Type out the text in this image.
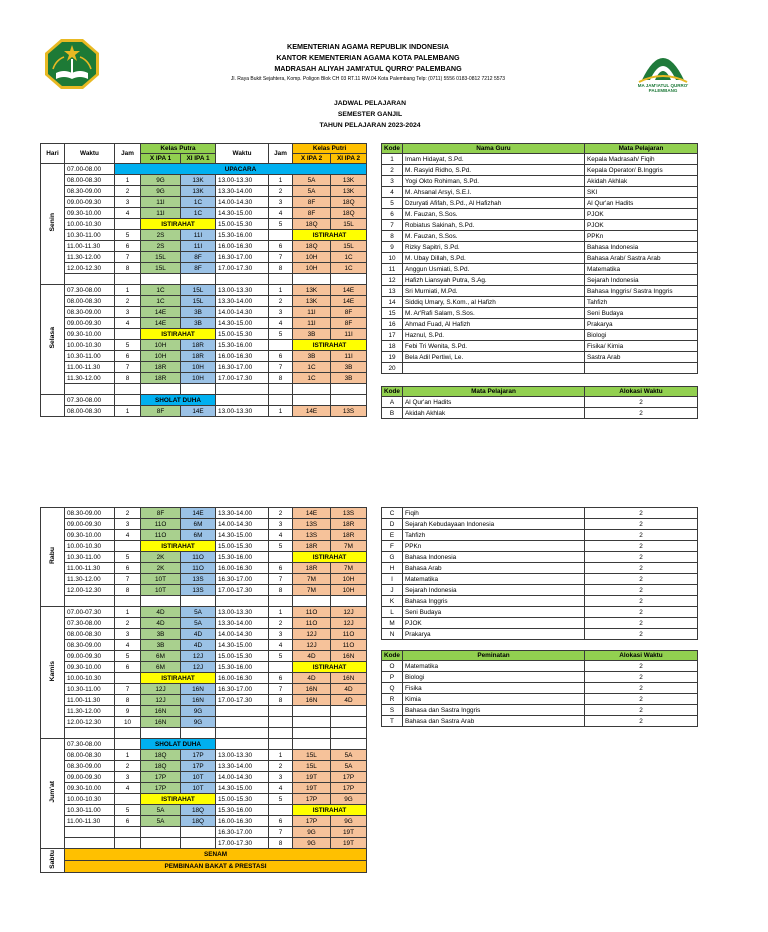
KEMENTERIAN AGAMA REPUBLIK INDONESIA
KANTOR KEMENTERIAN AGAMA KOTA PALEMBANG
MADRASAH ALIYAH JAMI'ATUL QURRO' PALEMBANG
Jl. Raya Bukit Sejahtera, Komp. Poligon Blok CH 03 RT.11 RW.04 Kota Palembang Telp: (0711) 5556 0183-0812 7212 5573
MA JAM'IATUL QURRO'
PALEMBANG
JADWAL PELAJARAN
SEMESTER GANJIL
TAHUN PELAJARAN 2023-2024
Hari	Waktu	Jam	Kelas Putra		Waktu	Jam	Kelas Putri	
			X IPA 1	XI IPA 1			X IPA 2	XI IPA 2
Senin	07.00-08.00	UPACARA						
	08.00-08.30	1	9G	13K	13.00-13.30	1	5A	13K
	08.30-09.00	2	9G	13K	13.30-14.00	2	5A	13K
	09.00-09.30	3	11I	1C	14.00-14.30	3	8F	18Q
	09.30-10.00	4	11I	1C	14.30-15.00	4	8F	18Q
	10.00-10.30		ISTIRAHAT		15.00-15.30	5	18Q	15L
	10.30-11.00	5	2S	11I	15.30-16.00		ISTIRAHAT	
	11.00-11.30	6	2S	11I	16.00-16.30	6	18Q	15L
	11.30-12.00	7	15L	8F	16.30-17.00	7	10H	1C
	12.00-12.30	8	15L	8F	17.00-17.30	8	10H	1C

Selasa	07.30-08.00	1	1C	15L	13.00-13.30	1	13K	14E
	08.00-08.30	2	1C	15L	13.30-14.00	2	13K	14E
	08.30-09.00	3	14E	3B	14.00-14.30	3	11I	8F
	09.00-09.30	4	14E	3B	14.30-15.00	4	11I	8F
	09.30-10.00		ISTIRAHAT		15.00-15.30	5	3B	11I
	10.00-10.30	5	10H	18R	15.30-16.00		ISTIRAHAT	
	10.30-11.00	6	10H	18R	16.00-16.30	6	3B	11I
	11.00-11.30	7	18R	10H	16.30-17.00	7	1C	3B
	11.30-12.00	8	18R	10H	17.00-17.30	8	1C	3B

	07.30-08.00		SHOLAT DUHA					
	08.00-08.30	1	8F	14E	13.00-13.30	1	14E	13S
Kode	Nama Guru	Mata Pelajaran
1	Imam Hidayat, S.Pd.	Kepala Madrasah/ Fiqih
2	M. Rasyid Ridho, S.Pd.	Kepala Operator/ B.Inggris
3	Yogi Okto Rohiman, S.Pd.	Akidah Akhlak
4	M. Ahsanal Arsyi, S.E.I.	SKI
5	Dzuryati Afifah, S.Pd., Al Hafizhah	Al Qur'an Hadits
6	M. Fauzan, S.Sos.	PJOK
7	Robiatus Sakinah, S.Pd.	PJOK
8	M. Fauzan, S.Sos.	PPKn
9	Rizky Sapitri, S.Pd.	Bahasa Indonesia
10	M. Ubay Dillah, S.Pd.	Bahasa Arab/ Sastra Arab
11	Anggun Usmiati, S.Pd.	Matematika
12	Hafizh Liansyah Putra, S.Ag.	Sejarah Indonesia
13	Sri Murniati, M.Pd.	Bahasa Inggris/ Sastra Inggris
14	Siddiq Umary, S.Kom., al Hafizh	Tahfizh
15	M. Ar'Rafi Salam, S.Sos.	Seni Budaya
16	Ahmad Fuad, Al Hafizh	Prakarya
17	Haznul, S.Pd.	Biologi
18	Febi Tri Wenita, S.Pd.	Fisika/ Kimia
19	Bela Adil Pertiwi, Le.	Sastra Arab
20		
Kode	Mata Pelajaran	Alokasi Waktu
A	Al Qur'an Hadits	2
B	Akidah Akhlak	2
Rabu	08.30-09.00	2	8F	14E	13.30-14.00	2	14E	13S
	09.00-09.30	3	11O	6M	14.00-14.30	3	13S	18R
	09.30-10.00	4	11O	6M	14.30-15.00	4	13S	18R
	10.00-10.30		ISTIRAHAT		15.00-15.30	5	18R	7M
	10.30-11.00	5	2K	11O	15.30-16.00		ISTIRAHAT	
	11.00-11.30	6	2K	11O	16.00-16.30	6	18R	7M
	11.30-12.00	7	10T	13S	16.30-17.00	7	7M	10H
	12.00-12.30	8	10T	13S	17.00-17.30	8	7M	10H

Kamis	07.00-07.30	1	4D	5A	13.00-13.30	1	11O	12J
	07.30-08.00	2	4D	5A	13.30-14.00	2	11O	12J
	08.00-08.30	3	3B	4D	14.00-14.30	3	12J	11O
	08.30-09.00	4	3B	4D	14.30-15.00	4	12J	11O
	09.00-09.30	5	6M	12J	15.00-15.30	5	4D	16N
	09.30-10.00	6	6M	12J	15.30-16.00		ISTIRAHAT	
	10.00-10.30		ISTIRAHAT		16.00-16.30	6	4D	16N
	10.30-11.00	7	12J	16N	16.30-17.00	7	16N	4D
	11.00-11.30	8	12J	16N	17.00-17.30	8	16N	4D
	11.30-12.00	9	16N	9G				
	12.00-12.30	10	16N	9G				

Jum'at	07.30-08.00		SHOLAT DUHA					
	08.00-08.30	1	18Q	17P	13.00-13.30	1	15L	5A
	08.30-09.00	2	18Q	17P	13.30-14.00	2	15L	5A
	09.00-09.30	3	17P	10T	14.00-14.30	3	19T	17P
	09.30-10.00	4	17P	10T	14.30-15.00	4	19T	17P
	10.00-10.30		ISTIRAHAT		15.00-15.30	5	17P	9G
	10.30-11.00	5	5A	18Q	15.30-16.00		ISTIRAHAT	
	11.00-11.30	6	5A	18Q	16.00-16.30	6	17P	9G
					16.30-17.00	7	9G	19T
					17.00-17.30	8	9G	19T
Sabtu	SENAM							
	PEMBINAAN BAKAT & PRESTASI							
C	Fiqih	2
D	Sejarah Kebudayaan Indonesia	2
E	Tahfizh	2
F	PPKn	2
G	Bahasa Indonesia	2
H	Bahasa Arab	2
I	Matematika	2
J	Sejarah Indonesia	2
K	Bahasa Inggris	2
L	Seni Budaya	2
M	PJOK	2
N	Prakarya	2
Kode	Peminatan	Alokasi Waktu
O	Matematika	2
P	Biologi	2
Q	Fisika	2
R	Kimia	2
S	Bahasa dan Sastra Inggris	2
T	Bahasa dan Sastra Arab	2
